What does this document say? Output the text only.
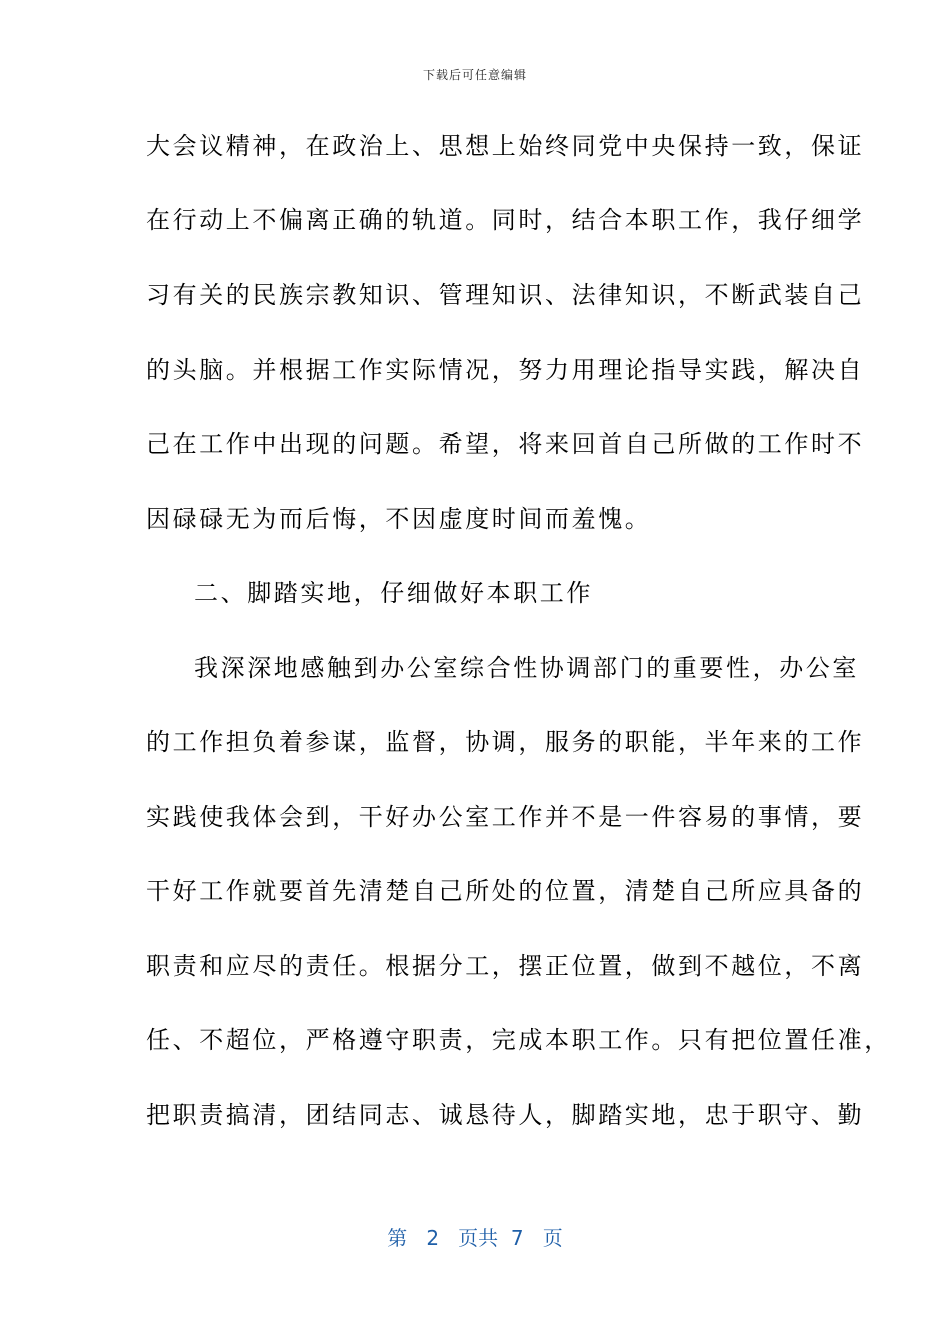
下载后可任意编辑
大会议精神，在政治上、思想上始终同党中央保持一致，保证
在行动上不偏离正确的轨道。同时，结合本职工作，我仔细学
习有关的民族宗教知识、管理知识、法律知识，不断武装自己
的头脑。并根据工作实际情况，努力用理论指导实践，解决自
己在工作中出现的问题。希望，将来回首自己所做的工作时不
因碌碌无为而后悔，不因虚度时间而羞愧。
二、脚踏实地，仔细做好本职工作
我深深地感触到办公室综合性协调部门的重要性，办公室
的工作担负着参谋，监督，协调，服务的职能，半年来的工作
实践使我体会到，干好办公室工作并不是一件容易的事情，要
干好工作就要首先清楚自己所处的位置，清楚自己所应具备的
职责和应尽的责任。根据分工，摆正位置，做到不越位，不离
任、不超位，严格遵守职责，完成本职工作。只有把位置任准，
把职责搞清，团结同志、诚恳待人，脚踏实地，忠于职守、勤
第 2 页共 7 页
